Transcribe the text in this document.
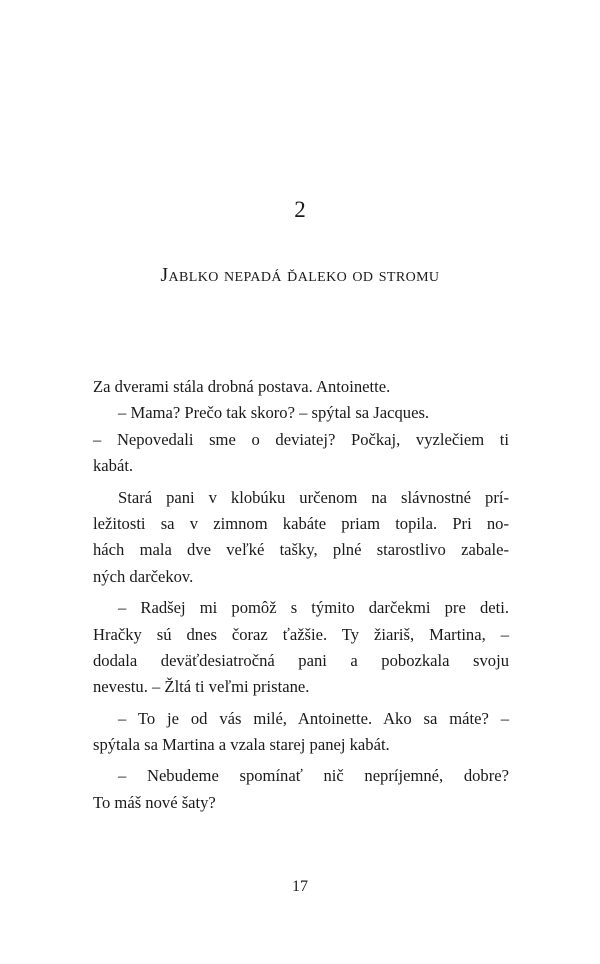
2
Jablko nepadá ďaleko od stromu
Za dverami stála drobná postava. Antoinette.
– Mama? Prečo tak skoro? – spýtal sa Jacques.
– Nepovedali sme o deviatej? Počkaj, vyzlečiem ti
kabát.
Stará pani v klobúku určenom na slávnostné prí-
ležitosti sa v zimnom kabáte priam topila. Pri no-
hách mala dve veľké tašky, plné starostlivo zabale-
ných darčekov.
– Radšej mi pomôž s týmito darčekmi pre deti.
Hračky sú dnes čoraz ťažšie. Ty žiariš, Martina, –
dodala deväťdesiatročná pani a pobozkala svoju
nevestu. – Žltá ti veľmi pristane.
– To je od vás milé, Antoinette. Ako sa máte? –
spýtala sa Martina a vzala starej panej kabát.
– Nebudeme spomínať nič nepríjemné, dobre?
To máš nové šaty?
17
